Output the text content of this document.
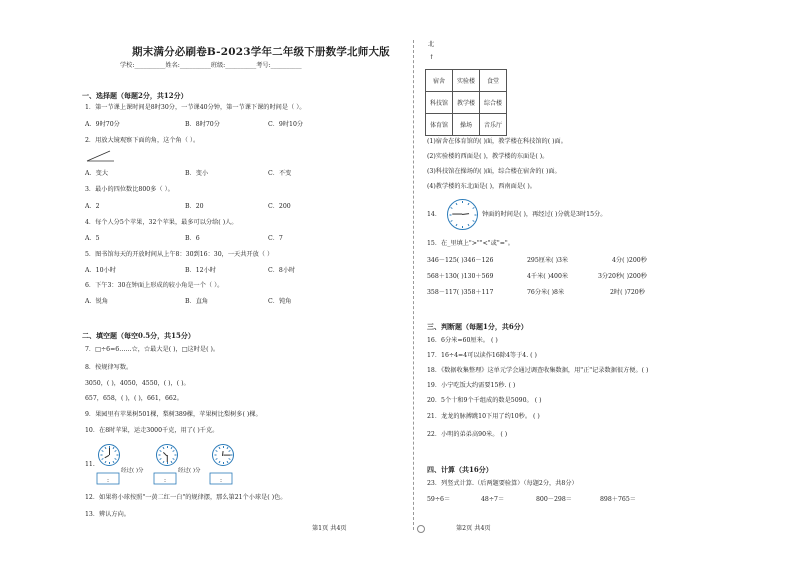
期末满分必刷卷B-2023学年二年级下册数学北师大版
学校:__________姓名:__________班级:__________考号:__________
一、选择题（每题2分，共12分）
1．第一节课上课时间是8时30分，一节课40分钟，第一节课下课的时间是（ ）。
A．9时70分	B．8时70分	C．9时10分
2．用放大镜观察下面的角，这个角（ ）。
A．变大	B．变小	C．不变
3．最小的四位数比800多（ ）。
A．2	B．20	C．200
4．每个人分5个苹果，32个苹果，最多可以分给( )人。
A．5	B．6	C．7
5．图书馆每天的开放时间从上午8：30到16：30，一天共开放（ ）
A．10小时	B．12小时	C．8小时
6．下午3：30在钟面上形成的较小角是一个（ ）。
A．锐角	B．直角	C．钝角
二、填空题（每空0.5分，共15分）
7．□÷6=6……☆，☆最大是( )，□这时是( )。
8．按规律写数。
3050，( )，4050，4550，( )，( )。
657，658，( )，( )，661，662。
9．果园里有苹果树501棵，梨树389棵，苹果树比梨树多( )棵。
10．在8时苹果，运走3000千克，用了( )千克。
11.
:	:	:
经过( )分	经过( )分
12．如果将小球按照"一黄二红一白"的规律摆，那么第21个小球是( )色。
13．辨认方向。
第1页 共4页
北
↑
宿舍	实验楼	食堂
科技馆	教学楼	综合楼
体育馆	操场	音乐厅
(1)宿舍在体育馆的( )面，教学楼在科技馆的( )面。
(2)实验楼的西面是( )，教学楼的东面是( )。
(3)科技馆在操场的( )面，综合楼在宿舍的( )面。
(4)教学楼的东北面是( )，西南面是( )。
14．	钟面的时间是( )，再经过( )分就是3时15分。
15．在_里填上">""<"或"="。
346－125( )346－126	295厘米( )3米	4分( )200秒
568＋130( )130＋569	4千米( )400米	3分20秒( )200秒
358－117( )358＋117	76分米( )8米	2时( )720秒
三、判断题（每题1分，共6分）
16．6分米=60厘米。 ( )
17．16÷4=4可以读作16除4等于4. ( )
18．《数据收集整理》这单元学会通过调查收集数据，用"正"记录数据很方便。( )
19．小宁吃饭大约需要15秒. ( )
20．5个十和9个千组成的数是5090。 ( )
21．龙龙的脉搏跳10下用了约10秒。 ( )
22．小明的弟弟高90米。 ( )
四、计算（共16分）
23．列竖式计算.（后两题要验算）（每题2分，共8分）
59÷6＝	48÷7＝	800－298＝	898＋765＝
第2页 共4页
